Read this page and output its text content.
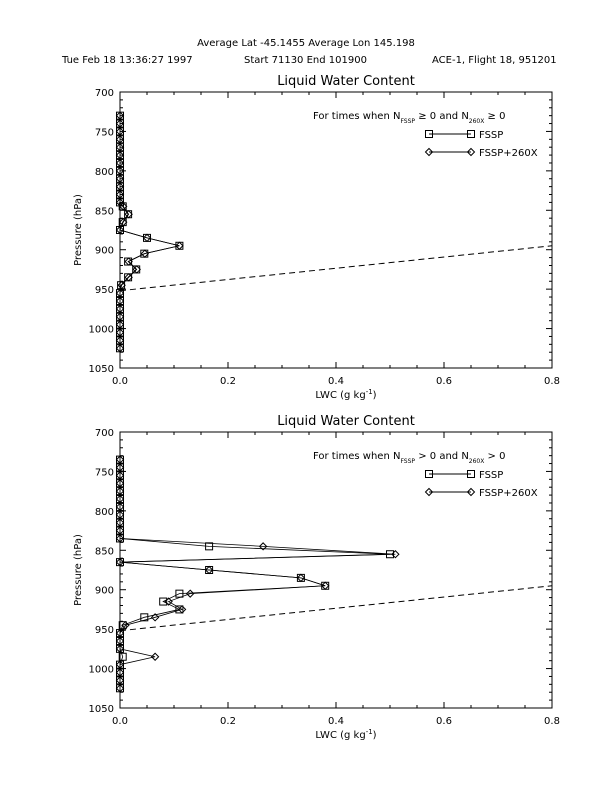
Average Lat -45.1455 Average Lon 145.198
Tue Feb 18 13:36:27 1997	Start 71130 End 101900	ACE-1, Flight 18, 951201
Liquid Water Content
0.0	0.2	0.4	0.6	0.8
700
750
800
850
900
950
1000
1050
LWC (g $kg^{-1}$)
Pressure (hPa)
For times when $N_{FSSP} \ge 0$ and $N_{260X} \ge 0$
FSSP
FSSP+260X
Liquid Water Content
0.0	0.2	0.4	0.6	0.8
700
750
800
850
900
950
1000
1050
LWC (g $kg^{-1}$)
Pressure (hPa)
For times when $N_{FSSP} > 0$ and $N_{260X} > 0$
FSSP
FSSP+260X
